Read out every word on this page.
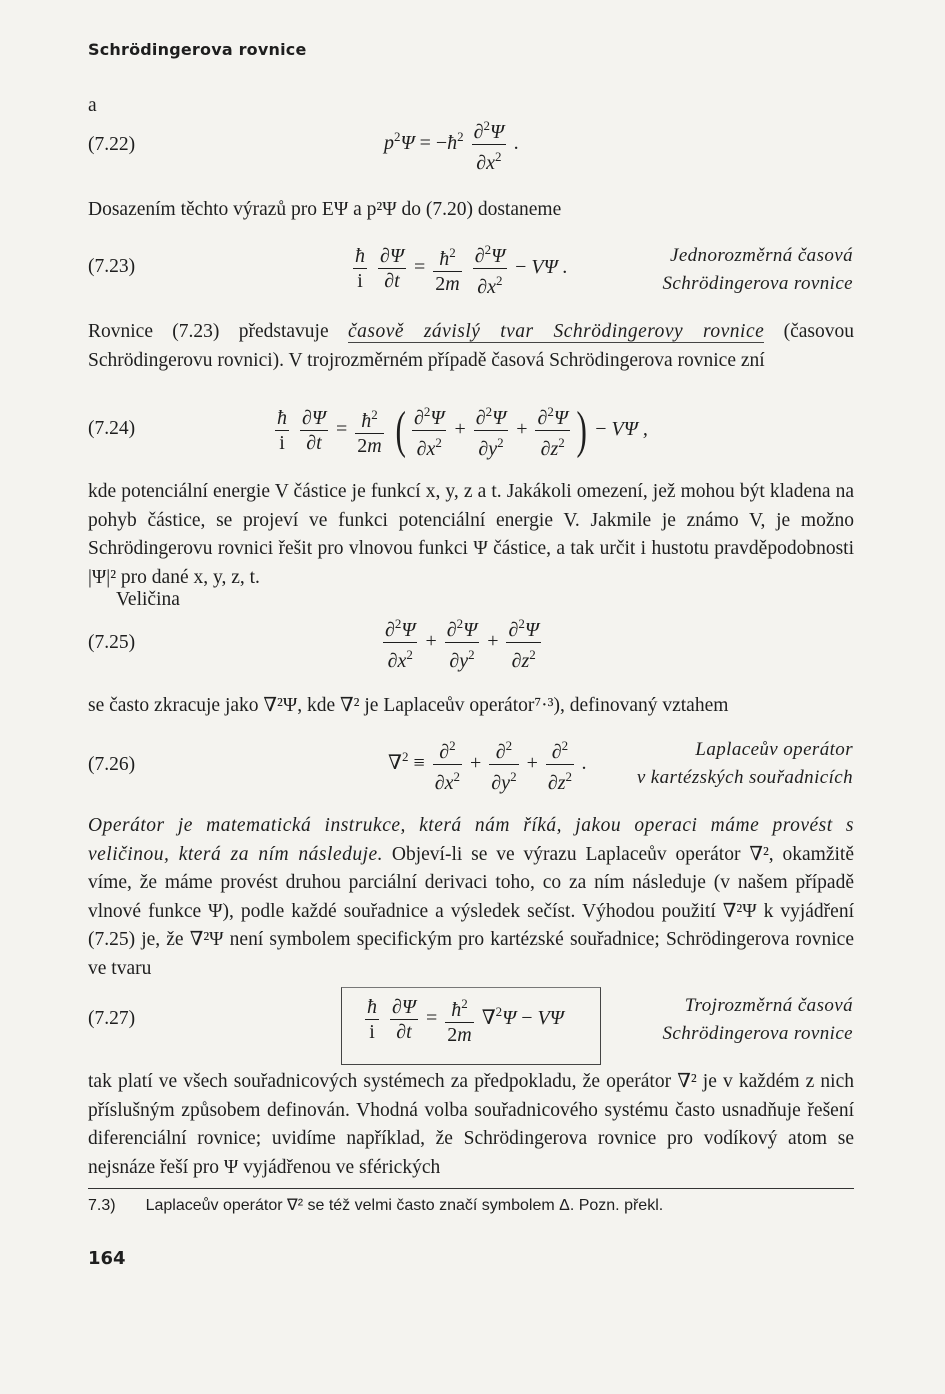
Schrödingerova rovnice
a
(7.22)	$p^2\Psi$ = $-ħ^2 \frac{\partial^2\Psi}{\partial x^2}$ .
Dosazením těchto výrazů pro EΨ a p²Ψ do (7.20) dostaneme
(7.23)	$\frac{ħ}{i}$
$\frac{\partial\Psi}{\partial t} = \frac{ħ^2}{2m}$
$\frac{\partial^2\Psi}{\partial x^2} - V\Psi$ .
Jednorozměrná časová
Schrödingerova rovnice
Rovnice (7.23) představuje časově závislý tvar Schrödingerovy rovnice (časovou Schrödingerovu rovnici). V trojrozměrném případě časová Schrödingerova rovnice zní
(7.24)	$\frac{ħ}{i}$
$\frac{\partial\Psi}{\partial t} = \frac{ħ^2}{2m}$ ( $\frac{\partial^2\Psi}{\partial x^2} + \frac{\partial^2\Psi}{\partial y^2} + \frac{\partial^2\Psi}{\partial z^2}$ ) − VΨ ,
kde potenciální energie V částice je funkcí x, y, z a t. Jakákoli omezení, jež mohou být kladena na pohyb částice, se projeví ve funkci potenciální energie V. Jakmile je známo V, je možno Schrödingerovu rovnici řešit pro vlnovou funkci Ψ částice, a tak určit i hustotu pravděpodobnosti |Ψ|² pro dané x, y, z, t.
Veličina
(7.25)	$\frac{\partial^2\Psi}{\partial x^2} + \frac{\partial^2\Psi}{\partial y^2} + \frac{\partial^2\Psi}{\partial z^2}$
se často zkracuje jako ∇²Ψ, kde ∇² je Laplaceův operátor⁷·³), definovaný vztahem
(7.26)	$\nabla^2 \equiv \frac{\partial^2}{\partial x^2} + \frac{\partial^2}{\partial y^2} + \frac{\partial^2}{\partial z^2}$ .
Laplaceův operátor
v kartézských souřadnicích
Operátor je matematická instrukce, která nám říká, jakou operaci máme provést s veličinou, která za ním následuje. Objeví-li se ve výrazu Laplaceův operátor ∇², okamžitě víme, že máme provést druhou parciální derivaci toho, co za ním následuje (v našem případě vlnové funkce Ψ), podle každé souřadnice a výsledek sečíst. Výhodou použití ∇²Ψ k vyjádření (7.25) je, že ∇²Ψ není symbolem specifickým pro kartézské souřadnice; Schrödingerova rovnice ve tvaru
(7.27)	$\frac{ħ}{i}$
$\frac{\partial\Psi}{\partial t} = \frac{ħ^2}{2m} \nabla^2\Psi - V\Psi$
Trojrozměrná časová
Schrödingerova rovnice
tak platí ve všech souřadnicových systémech za předpokladu, že operátor ∇² je v každém z nich příslušným způsobem definován. Vhodná volba souřadnicového systému často usnadňuje řešení diferenciální rovnice; uvidíme například, že Schrödingerova rovnice pro vodíkový atom se nejsnáze řeší pro Ψ vyjádřenou ve sférických
7.3) Laplaceův operátor ∇² se též velmi často značí symbolem Δ. Pozn. překl.
164
